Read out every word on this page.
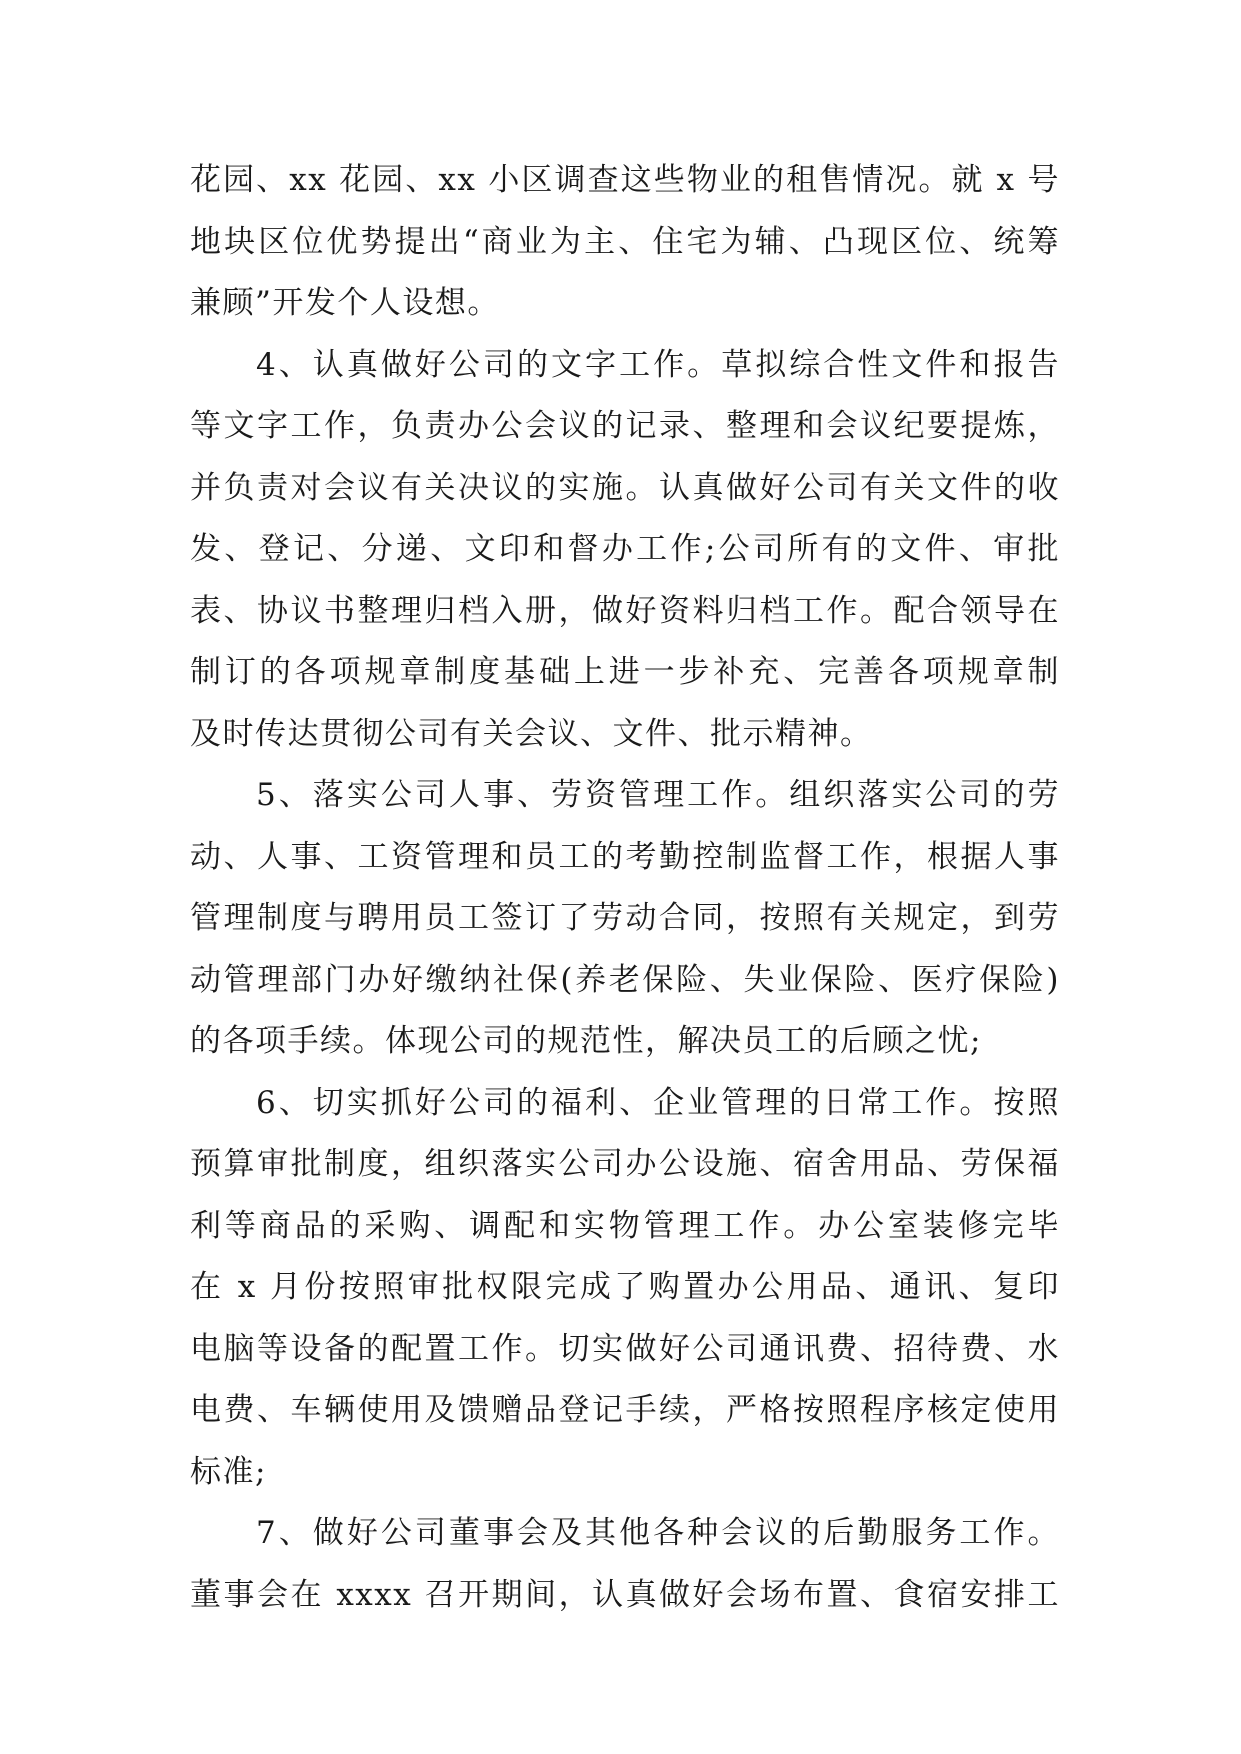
花园、xx 花园、xx 小区调查这些物业的租售情况。就 x 号
地块区位优势提出“商业为主、住宅为辅、凸现区位、统筹
兼顾”开发个人设想。
4、认真做好公司的文字工作。草拟综合性文件和报告
等文字工作，负责办公会议的记录、整理和会议纪要提炼，
并负责对会议有关决议的实施。认真做好公司有关文件的收
发、登记、分递、文印和督办工作;公司所有的文件、审批
表、协议书整理归档入册，做好资料归档工作。配合领导在
制订的各项规章制度基础上进一步补充、完善各项规章制
及时传达贯彻公司有关会议、文件、批示精神。
5、落实公司人事、劳资管理工作。组织落实公司的劳
动、人事、工资管理和员工的考勤控制监督工作，根据人事
管理制度与聘用员工签订了劳动合同，按照有关规定，到劳
动管理部门办好缴纳社保(养老保险、失业保险、医疗保险)
的各项手续。体现公司的规范性，解决员工的后顾之忧;
6、切实抓好公司的福利、企业管理的日常工作。按照
预算审批制度，组织落实公司办公设施、宿舍用品、劳保福
利等商品的采购、调配和实物管理工作。办公室装修完毕
在 x 月份按照审批权限完成了购置办公用品、通讯、复印
电脑等设备的配置工作。切实做好公司通讯费、招待费、水
电费、车辆使用及馈赠品登记手续，严格按照程序核定使用
标准;
7、做好公司董事会及其他各种会议的后勤服务工作。
董事会在 xxxx 召开期间，认真做好会场布置、食宿安排工
